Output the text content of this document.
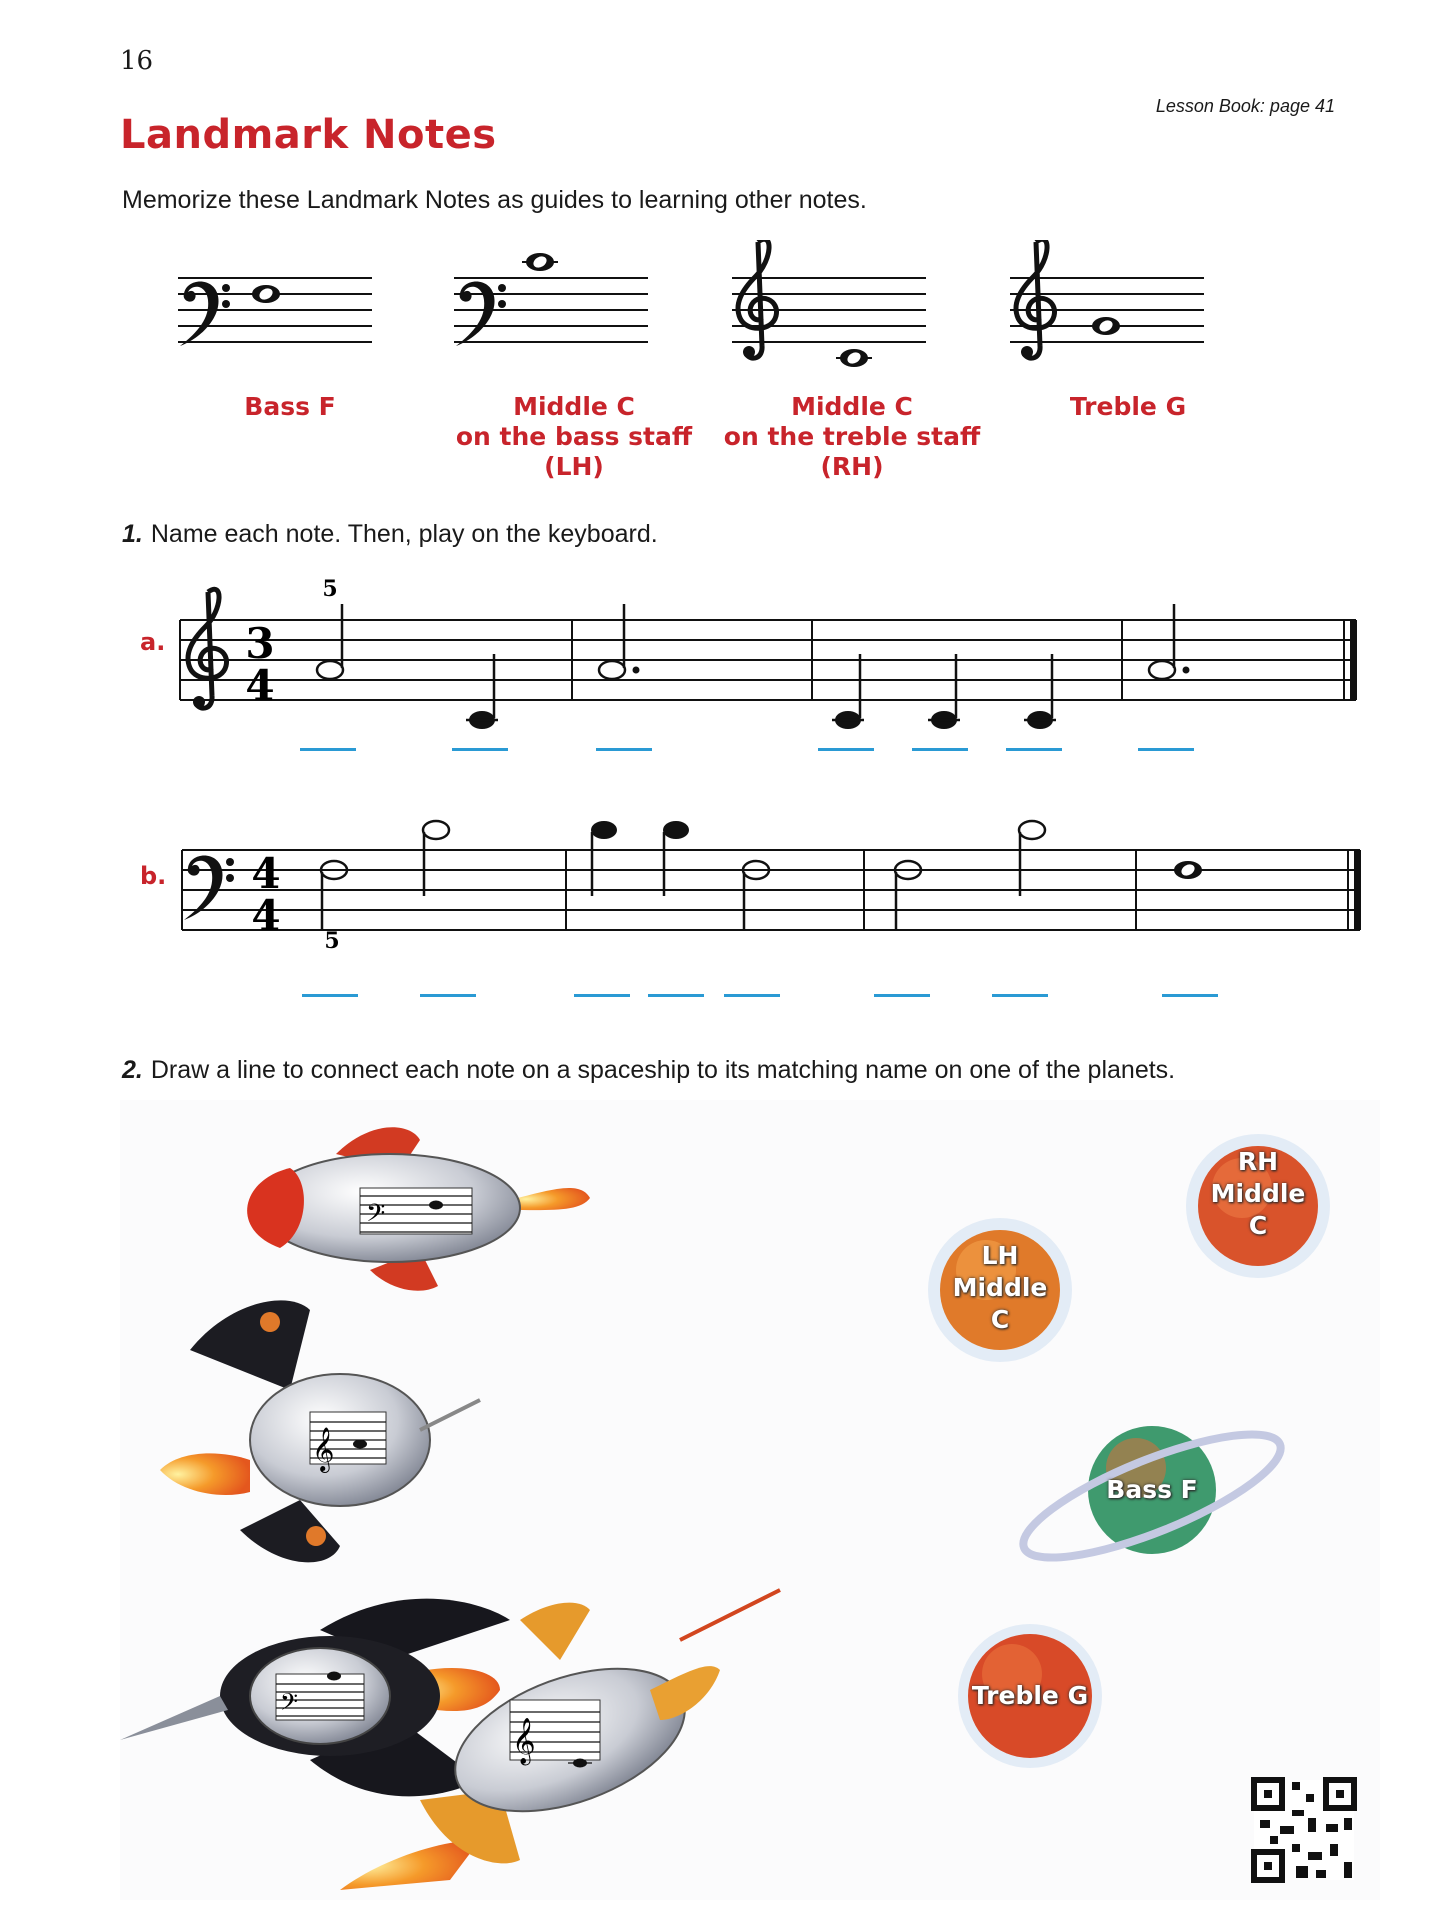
16
Lesson Book: page 41
Landmark Notes
Memorize these Landmark Notes as guides to learning other notes.
Bass F	Middle C
on the bass staff
(LH)
Middle C
on the treble staff
(RH)
Treble G
1. Name each note. Then, play on the keyboard.
a.
b.
3
4
5
4
4
5
2. Draw a line to connect each note on a spaceship to its matching name on one of the planets.
𝄢
𝄞
𝄢
𝄞
RH
Middle
C
LH
Middle
C
Bass F
Treble G
